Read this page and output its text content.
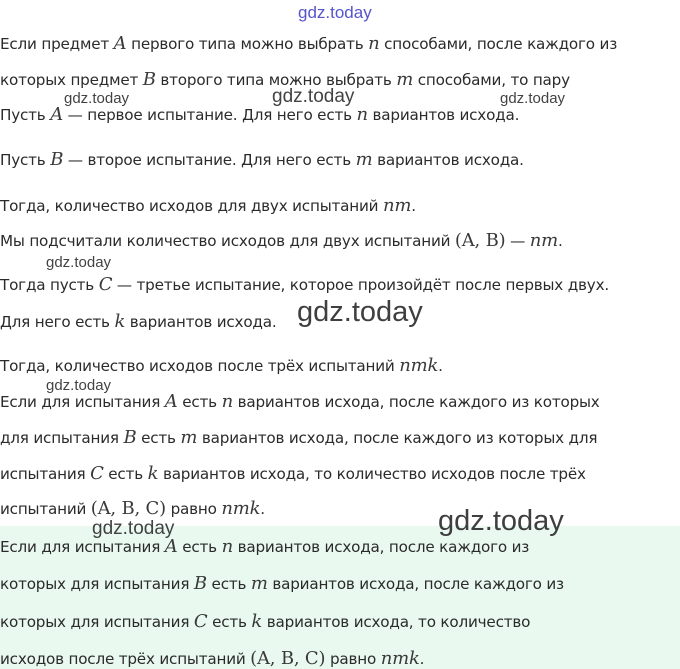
Если предмет A первого типа можно выбрать n способами, после каждого из
которых предмет B второго типа можно выбрать m способами, то пару
Пусть A — первое испытание. Для него есть n вариантов исхода.
Пусть B — второе испытание. Для него есть m вариантов исхода.
Тогда, количество исходов для двух испытаний nm.
Мы подсчитали количество исходов для двух испытаний (A, B) — nm.
Тогда пусть C — третье испытание, которое произойдёт после первых двух.
Для него есть k вариантов исхода.
Тогда, количество исходов после трёх испытаний nmk.
Если для испытания A есть n вариантов исхода, после каждого из которых
для испытания B есть m вариантов исхода, после каждого из которых для
испытания C есть k вариантов исхода, то количество исходов после трёх
испытаний (A, B, C) равно nmk.
Если для испытания A есть n вариантов исхода, после каждого из
которых для испытания B есть m вариантов исхода, после каждого из
которых для испытания C есть k вариантов исхода, то количество
исходов после трёх испытаний (A, B, C) равно nmk.
gdz.today
gdz.today	gdz.today	gdz.today
gdz.today
gdz.today
gdz.today
gdz.today	gdz.today
